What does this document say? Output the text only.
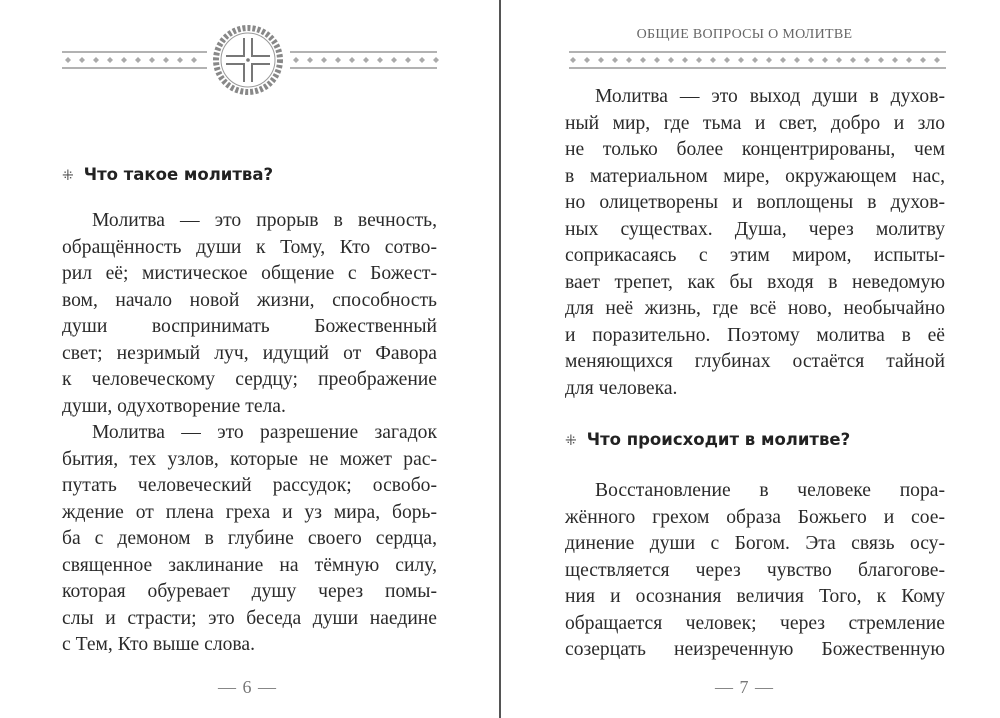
⁜ Что такое молитва?
Молитва — это прорыв в вечность,
обращённость души к Тому, Кто сотво-
рил её; мистическое общение с Божест-
вом, начало новой жизни, способность
души воспринимать Божественный
свет; незримый луч, идущий от Фавора
к человеческому сердцу; преображение
души, одухотворение тела.
Молитва — это разрешение загадок
бытия, тех узлов, которые не может рас-
путать человеческий рассудок; освобо-
ждение от плена греха и уз мира, борь-
ба с демоном в глубине своего сердца,
священное заклинание на тёмную силу,
которая обуревает душу через помы-
слы и страсти; это беседа души наедине
с Тем, Кто выше слова.
— 6 —
ОБЩИЕ ВОПРОСЫ О МОЛИТВЕ
Молитва — это выход души в духов-
ный мир, где тьма и свет, добро и зло
не только более концентрированы, чем
в материальном мире, окружающем нас,
но олицетворены и воплощены в духов-
ных существах. Душа, через молитву
соприкасаясь с этим миром, испыты-
вает трепет, как бы входя в неведомую
для неё жизнь, где всё ново, необычайно
и поразительно. Поэтому молитва в её
меняющихся глубинах остаётся тайной
для человека.
⁜ Что происходит в молитве?
Восстановление в человеке пора-
жённого грехом образа Божьего и сое-
динение души с Богом. Эта связь осу-
ществляется через чувство благогове-
ния и осознания величия Того, к Кому
обращается человек; через стремление
созерцать неизреченную Божественную
— 7 —
